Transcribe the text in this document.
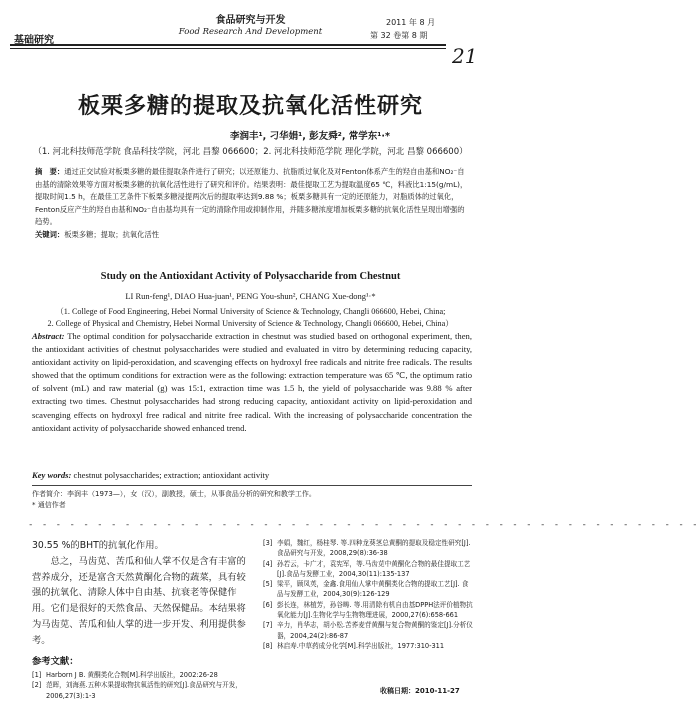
基础研究
食品研究与开发
Food Research And Development
2011 年 8 月
第 32 卷第 8 期
21
板栗多糖的提取及抗氧化活性研究
李润丰¹, 刁华娟¹, 彭友舜², 常学东¹·*
（1. 河北科技师范学院 食品科技学院，河北 昌黎 066600；2. 河北科技师范学院 理化学院，河北 昌黎 066600）
摘　要：通过正交试验对板栗多糖的最佳提取条件进行了研究；以还原能力、抗脂质过氧化及对Fenton体系产生的羟自由基和NO₂⁻自由基的清除效果等方面对板栗多糖的抗氧化活性进行了研究和评价。结果表明：最佳提取工艺为提取温度65 ℃，料液比1:15(g/mL)，提取时间1.5 h，在最佳工艺条件下板栗多糖浸提两次后的提取率达到9.88 %；板栗多糖具有一定的还原能力，对脂质体的过氧化，Fenton反应产生的羟自由基和NO₂⁻自由基均具有一定的清除作用或抑制作用，并随多糖浓度增加板栗多糖的抗氧化活性呈现出增强的趋势。
关键词：板栗多糖；提取；抗氧化活性
Study on the Antioxidant Activity of Polysaccharide from Chestnut
LI Run-feng¹, DIAO Hua-juan¹, PENG You-shun², CHANG Xue-dong¹·*
（1. College of Food Engineering, Hebei Normal University of Science & Technology, Changli 066600, Hebei, China;
2. College of Physical and Chemistry, Hebei Normal University of Science & Technology, Changli 066600, Hebei, China）
Abstract: The optimal condition for polysaccharide extraction in chestnut was studied based on orthogonal experiment, then, the antioxidant activities of chestnut polysaccharides were studied and evaluated in vitro by determining reducing capacity, antioxidant activity on lipid-peroxidation, and scavenging effects on hydroxyl free radicals and nitrite free radicals. The results showed that the optimum conditions for extraction were as the following: extraction temperature was 65 ℃, the optimum ratio of solvent (mL) and raw material (g) was 15:1, extraction time was 1.5 h, the yield of polysaccharide was 9.88 % after extracting two times. Chestnut polysaccharides had strong reducing capacity, antioxidant activity on lipid-peroxidation and scavenging effects on hydroxyl free radical and nitrite free radical. With the increasing of polysaccharide concentration the antioxidant activity of polysaccharide showed enhanced trend.
Key words: chestnut polysaccharides; extraction; antioxidant activity
作者简介：李润丰（1973—），女（汉），副教授，硕士，从事食品分析的研究和教学工作。
* 通信作者
- - - - - - - - - - - - - - - - - - - - - - - - - - - - - - - - - - - - - - - - - - - - - - - - -
30.55 %的BHT的抗氧化作用。

总之，马齿苋、苦瓜和仙人掌不仅是含有丰富的营养成分，还是富含天然黄酮化合物的蔬菜，具有较强的抗氧化、清除人体中自由基、抗衰老等保健作用。它们是很好的天然食品、天然保健品。本结果将为马齿苋、苦瓜和仙人掌的进一步开发、利用提供参考。

参考文献：
[1] Harborn J B. 黄酮类化合物[M].科学出版社，2002:26-28
[2] 范晖，刘海燕.五种木果提取物抗氧活性的研究[J].食品研究与开发，2006,27(3):1-3
[3] 李娟，魏红，杨桂琴. 等.四种龙葵茎总黄酮的提取及稳定性研究[J]. 食品研究与开发，2008,29(8):36-38
[4] 孙若云，卡广才，袁宪军，等.马齿苋中黄酮化合物的最佳提取工艺[J].食品与发酵工业，2004,30(11):135-137
[5] 梁平，顾凤英，金鑫.食用仙人掌中黄酮类化合物的提取工艺[J]. 食品与发酵工业，2004,30(9):126-129
[6] 彭长连，林植芳，孙谷畴. 等.用清除有机自由基DPPH法评价植物抗氧化能力[J].生物化学与生物物理进展，2000,27(6):658-661
[7] 辛力，肖华志，胡小松.苦荞麦苷黄酮与复合物黄酮的鉴定[J].分析仪器，2004,24(2):86-87
[8] 林启寿.中草药成分化学[M].科学出版社，1977:310-311
收稿日期：2010-11-27
